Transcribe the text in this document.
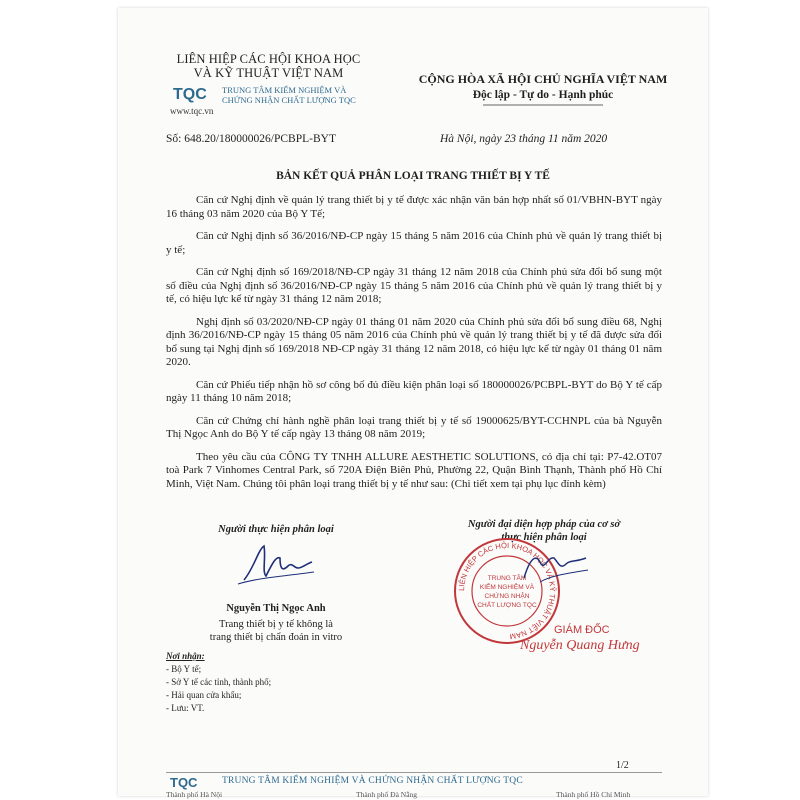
LIÊN HIỆP CÁC HỘI KHOA HỌC
VÀ KỸ THUẬT VIỆT NAM
TQC TRUNG TÂM KIỂM NGHIỆM VÀ
CHỨNG NHẬN CHẤT LƯỢNG TQC
www.tqc.vn
CỘNG HÒA XÃ HỘI CHỦ NGHĨA VIỆT NAM
Độc lập - Tự do - Hạnh phúc
Số: 648.20/180000026/PCBPL-BYT	Hà Nội, ngày 23 tháng 11 năm 2020
BẢN KẾT QUẢ PHÂN LOẠI TRANG THIẾT BỊ Y TẾ

Căn cứ Nghị định về quản lý trang thiết bị y tế được xác nhận văn bản hợp nhất số 01/VBHN-BYT ngày 16 tháng 03 năm 2020 của Bộ Y Tế;

Căn cứ Nghị định số 36/2016/NĐ-CP ngày 15 tháng 5 năm 2016 của Chính phủ về quản lý trang thiết bị y tế;

Căn cứ Nghị định số 169/2018/NĐ-CP ngày 31 tháng 12 năm 2018 của Chính phủ sửa đổi bổ sung một số điều của Nghị định số 36/2016/NĐ-CP ngày 15 tháng 5 năm 2016 của Chính phủ về quản lý trang thiết bị y tế, có hiệu lực kể từ ngày 31 tháng 12 năm 2018;

Nghị định số 03/2020/NĐ-CP ngày 01 tháng 01 năm 2020 của Chính phủ sửa đổi bổ sung điều 68, Nghị định 36/2016/NĐ-CP ngày 15 tháng 05 năm 2016 của Chính phủ về quản lý trang thiết bị y tế đã được sửa đổi bổ sung tại Nghị định số 169/2018 NĐ-CP ngày 31 tháng 12 năm 2018, có hiệu lực kể từ ngày 01 tháng 01 năm 2020.

Căn cứ Phiếu tiếp nhận hồ sơ công bố đủ điều kiện phân loại số 180000026/PCBPL-BYT do Bộ Y tế cấp ngày 11 tháng 10 năm 2018;

Căn cứ Chứng chỉ hành nghề phân loại trang thiết bị y tế số 19000625/BYT-CCHNPL của bà Nguyễn Thị Ngọc Anh do Bộ Y tế cấp ngày 13 tháng 08 năm 2019;

Theo yêu cầu của CÔNG TY TNHH ALLURE AESTHETIC SOLUTIONS, có địa chỉ tại: P7-42.OT07 toà Park 7 Vinhomes Central Park, số 720A Điện Biên Phủ, Phường 22, Quận Bình Thạnh, Thành phố Hồ Chí Minh, Việt Nam. Chúng tôi phân loại trang thiết bị y tế như sau: (Chi tiết xem tại phụ lục đính kèm)

Người thực hiện phân loại
Nguyễn Thị Ngọc Anh
Trang thiết bị y tế không là
trang thiết bị chẩn đoán in vitro
Người đại diện hợp pháp của cơ sở
thực hiện phân loại
LIÊN HIỆP CÁC HỘI KHOA HỌC VÀ KỸ THUẬT VIỆT NAM
TRUNG TÂM
KIỂM NGHIỆM VÀ
CHỨNG NHẬN
CHẤT LƯỢNG TQC
GIÁM ĐỐC
Nguyễn Quang Hưng
Nơi nhận:
- Bộ Y tế;
- Sở Y tế các tỉnh, thành phố;
- Hải quan cửa khẩu;
- Lưu: VT.
1/2
TQC	TRUNG TÂM KIỂM NGHIỆM VÀ CHỨNG NHẬN CHẤT LƯỢNG TQC
Thành phố Hà Nội	Thành phố Đà Nẵng	Thành phố Hồ Chí Minh
